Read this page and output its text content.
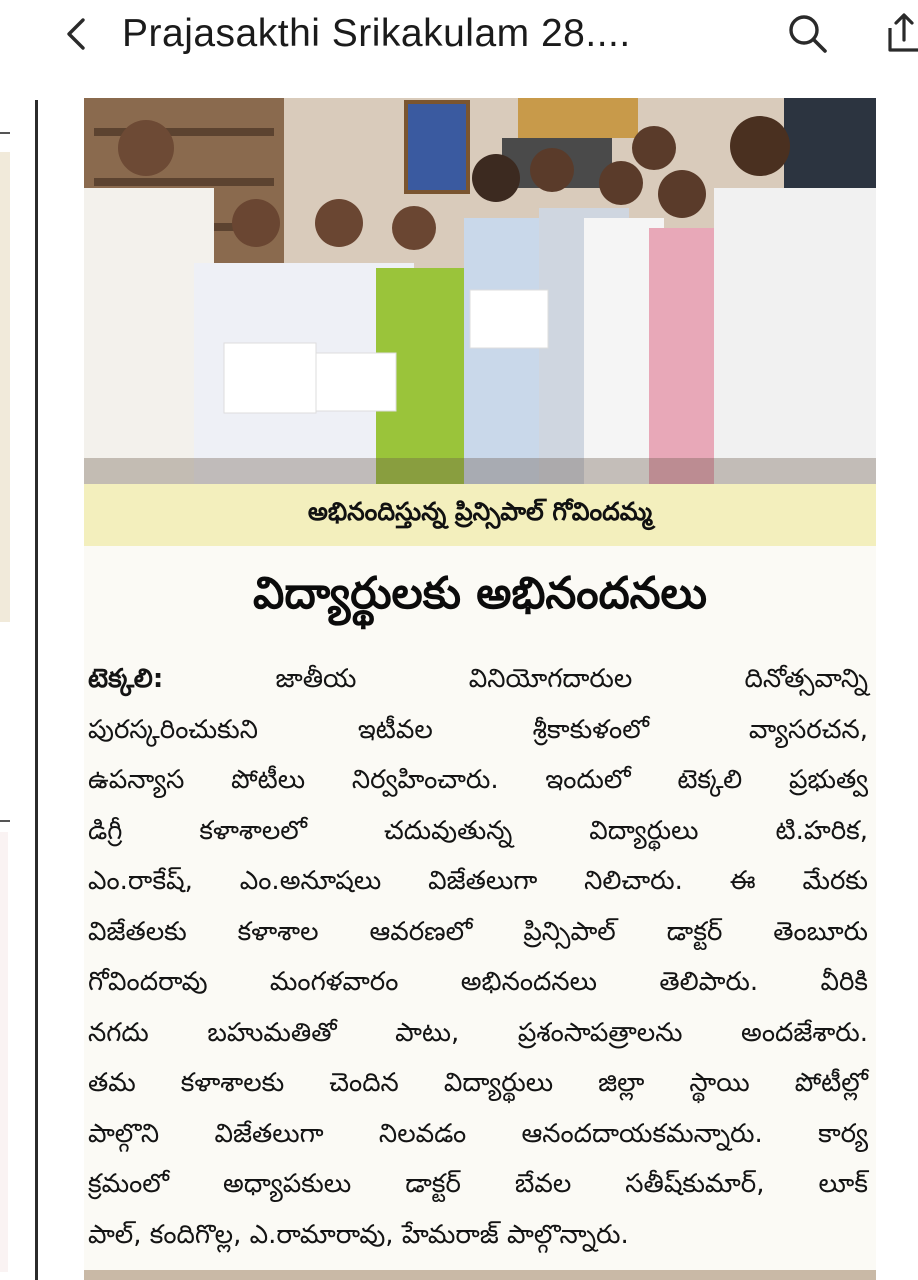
Prajasakthi Srikakulam 28....
అభినందిస్తున్న ప్రిన్సిపాల్ గోవిందమ్మ
విద్యార్థులకు అభినందనలు
టెక్కలి:	జాతీయ వినియోగదారుల దినోత్సవాన్ని
పురస్కరించుకుని ఇటీవల శ్రీకాకుళంలో వ్యాసరచన,
ఉపన్యాస పోటీలు నిర్వహించారు. ఇందులో టెక్కలి ప్రభుత్వ
డిగ్రీ కళాశాలలో చదువుతున్న విద్యార్థులు టి.హరిక,
ఎం.రాకేష్, ఎం.అనూషలు విజేతలుగా నిలిచారు. ఈ మేరకు
విజేతలకు కళాశాల ఆవరణలో ప్రిన్సిపాల్ డాక్టర్ తెంబూరు
గోవిందరావు మంగళవారం అభినందనలు తెలిపారు. వీరికి
నగదు బహుమతితో పాటు, ప్రశంసాపత్రాలను అందజేశారు.
తమ కళాశాలకు చెందిన విద్యార్థులు జిల్లా స్థాయి పోటీల్లో
పాల్గొని విజేతలుగా నిలవడం ఆనందదాయకమన్నారు. కార్య
క్రమంలో అధ్యాపకులు డాక్టర్ బేవల సతీష్‌కుమార్, లూక్
పాల్, కందిగొల్ల, ఎ.రామారావు, హేమరాజ్ పాల్గొన్నారు.
